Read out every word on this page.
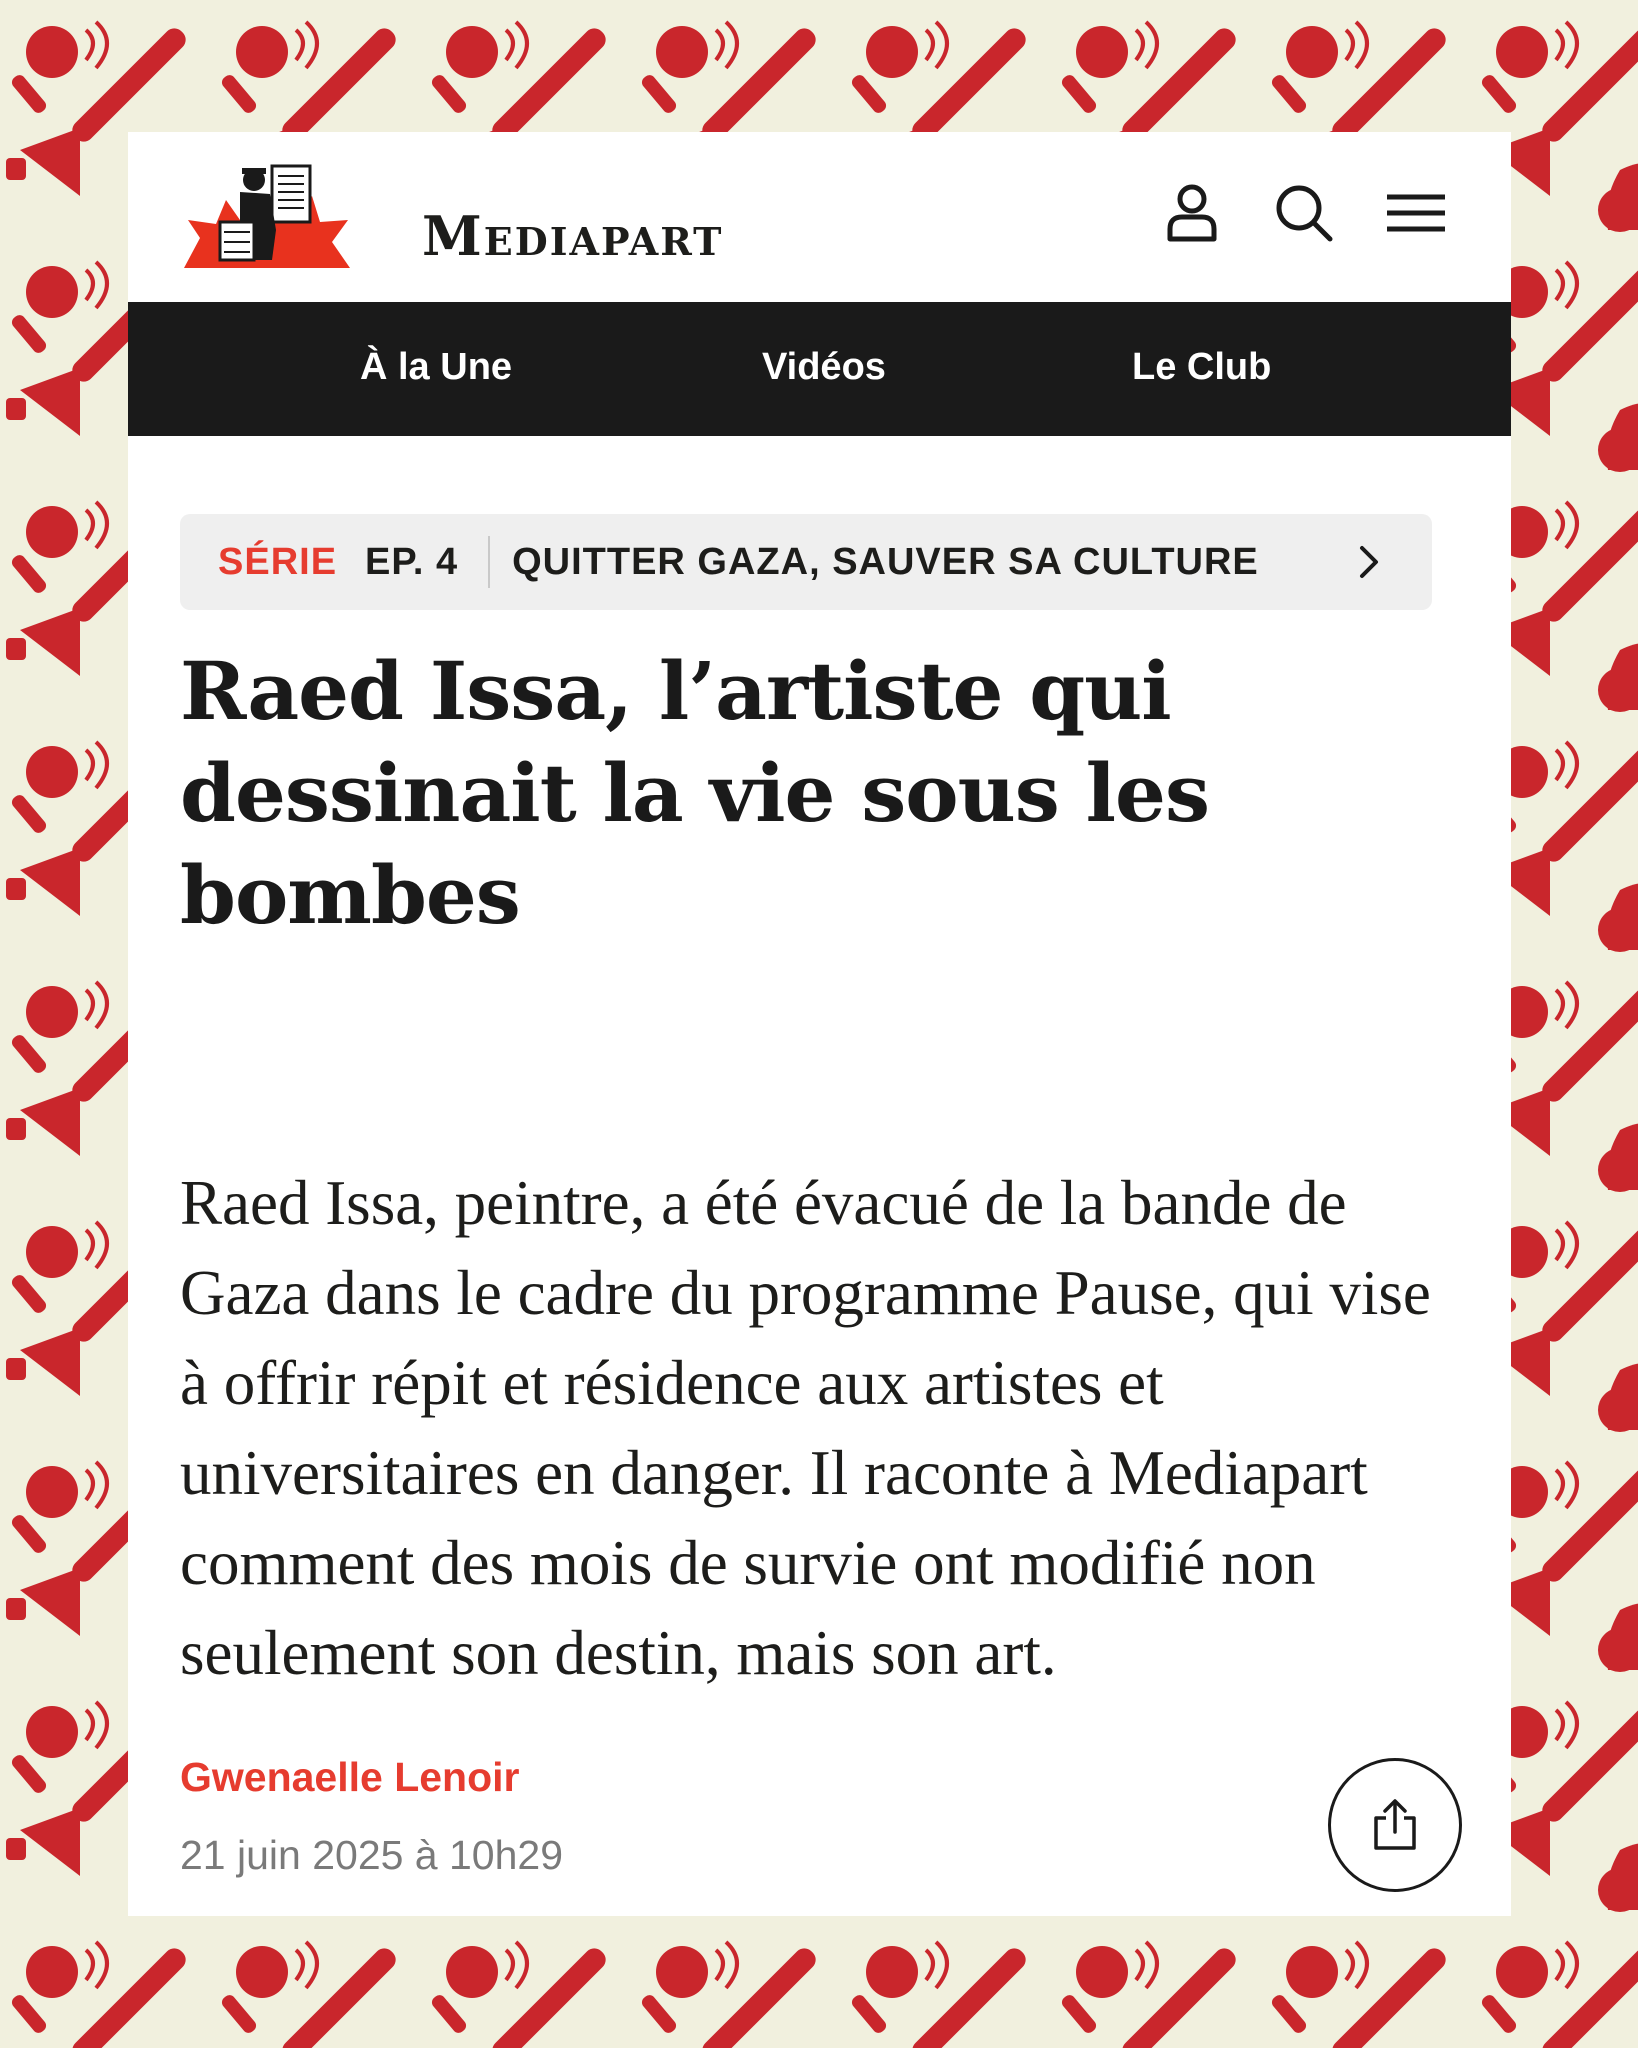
Mediapart
À la Une	Vidéos	Le Club
SÉRIE EP. 4 QUITTER GAZA, SAUVER SA CULTURE
Raed Issa, l’artiste qui dessinait la vie sous les bombes

Raed Issa, peintre, a été évacué de la bande de Gaza dans le cadre du programme Pause, qui vise à offrir répit et résidence aux artistes et universitaires en danger. Il raconte à Mediapart comment des mois de survie ont modifié non seulement son destin, mais son art.

Gwenaelle Lenoir
21 juin 2025 à 10h29
